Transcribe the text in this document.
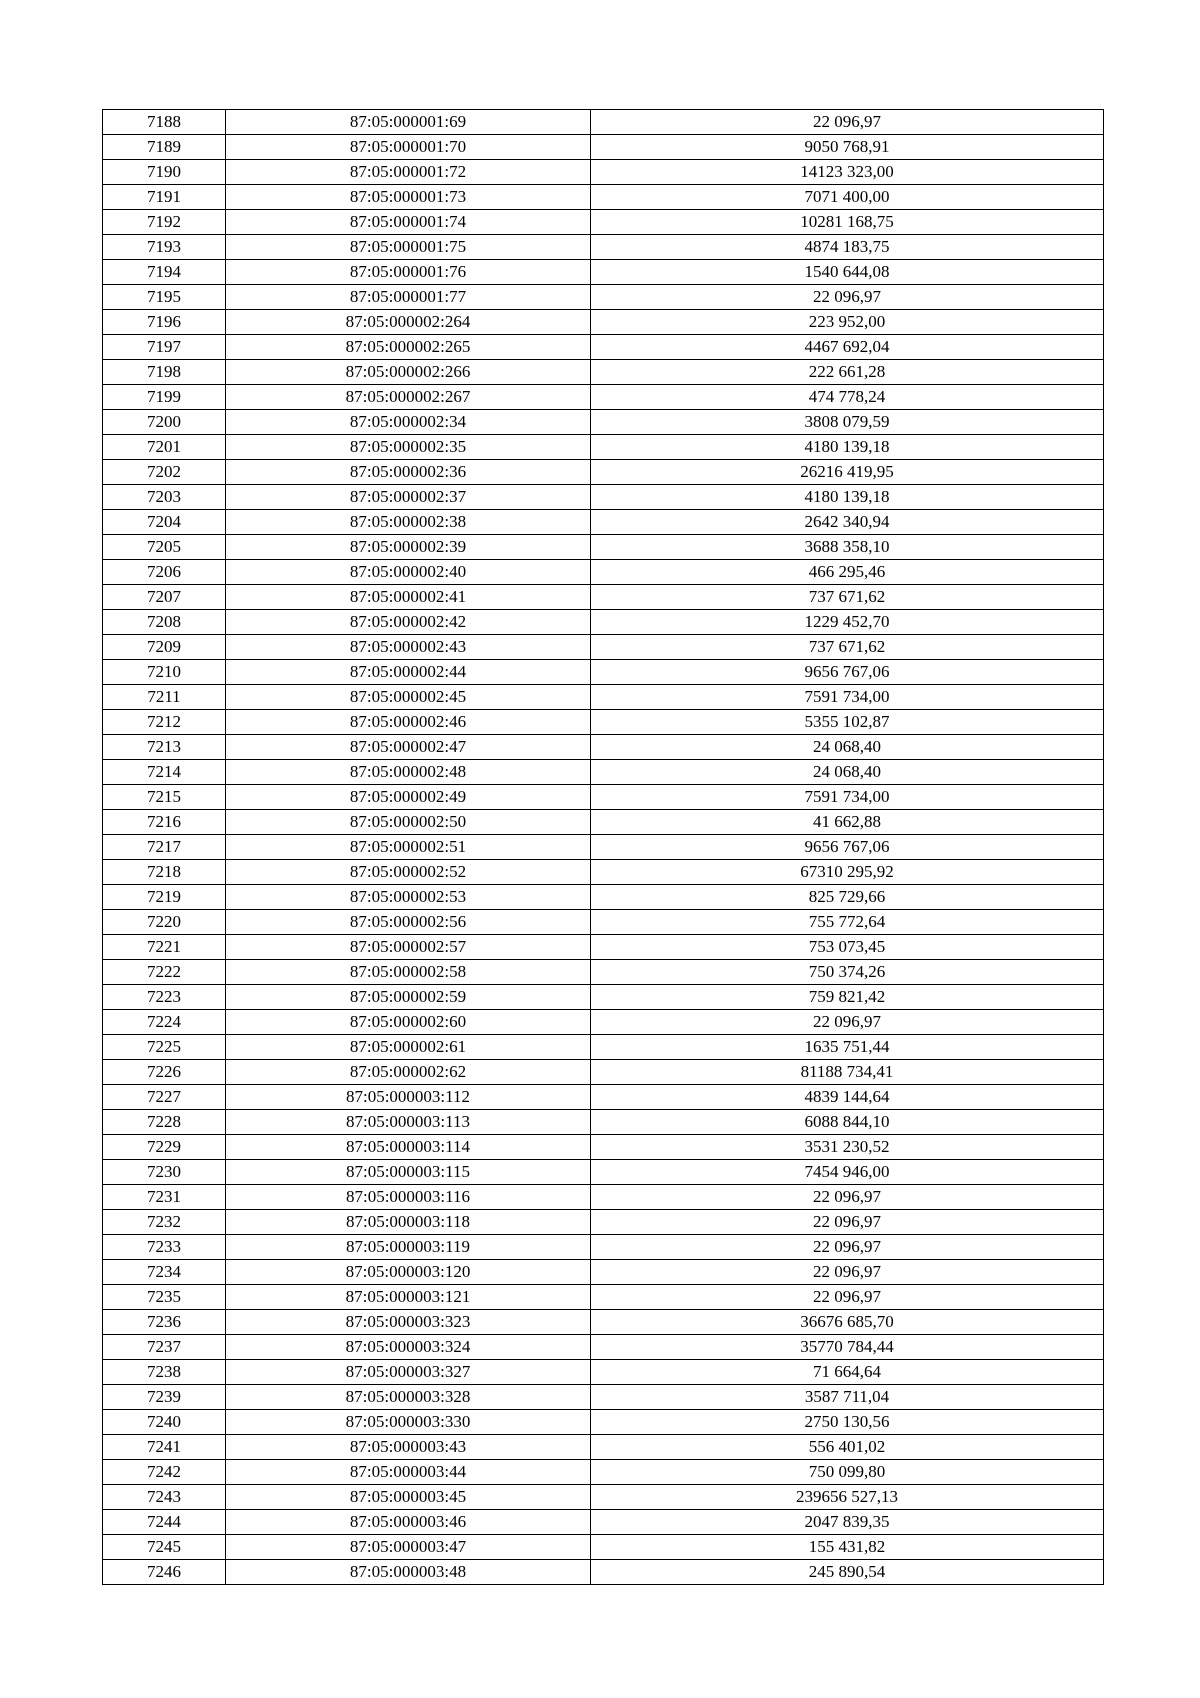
7188	87:05:000001:69	22 096,97
7189	87:05:000001:70	9050 768,91
7190	87:05:000001:72	14123 323,00
7191	87:05:000001:73	7071 400,00
7192	87:05:000001:74	10281 168,75
7193	87:05:000001:75	4874 183,75
7194	87:05:000001:76	1540 644,08
7195	87:05:000001:77	22 096,97
7196	87:05:000002:264	223 952,00
7197	87:05:000002:265	4467 692,04
7198	87:05:000002:266	222 661,28
7199	87:05:000002:267	474 778,24
7200	87:05:000002:34	3808 079,59
7201	87:05:000002:35	4180 139,18
7202	87:05:000002:36	26216 419,95
7203	87:05:000002:37	4180 139,18
7204	87:05:000002:38	2642 340,94
7205	87:05:000002:39	3688 358,10
7206	87:05:000002:40	466 295,46
7207	87:05:000002:41	737 671,62
7208	87:05:000002:42	1229 452,70
7209	87:05:000002:43	737 671,62
7210	87:05:000002:44	9656 767,06
7211	87:05:000002:45	7591 734,00
7212	87:05:000002:46	5355 102,87
7213	87:05:000002:47	24 068,40
7214	87:05:000002:48	24 068,40
7215	87:05:000002:49	7591 734,00
7216	87:05:000002:50	41 662,88
7217	87:05:000002:51	9656 767,06
7218	87:05:000002:52	67310 295,92
7219	87:05:000002:53	825 729,66
7220	87:05:000002:56	755 772,64
7221	87:05:000002:57	753 073,45
7222	87:05:000002:58	750 374,26
7223	87:05:000002:59	759 821,42
7224	87:05:000002:60	22 096,97
7225	87:05:000002:61	1635 751,44
7226	87:05:000002:62	81188 734,41
7227	87:05:000003:112	4839 144,64
7228	87:05:000003:113	6088 844,10
7229	87:05:000003:114	3531 230,52
7230	87:05:000003:115	7454 946,00
7231	87:05:000003:116	22 096,97
7232	87:05:000003:118	22 096,97
7233	87:05:000003:119	22 096,97
7234	87:05:000003:120	22 096,97
7235	87:05:000003:121	22 096,97
7236	87:05:000003:323	36676 685,70
7237	87:05:000003:324	35770 784,44
7238	87:05:000003:327	71 664,64
7239	87:05:000003:328	3587 711,04
7240	87:05:000003:330	2750 130,56
7241	87:05:000003:43	556 401,02
7242	87:05:000003:44	750 099,80
7243	87:05:000003:45	239656 527,13
7244	87:05:000003:46	2047 839,35
7245	87:05:000003:47	155 431,82
7246	87:05:000003:48	245 890,54
